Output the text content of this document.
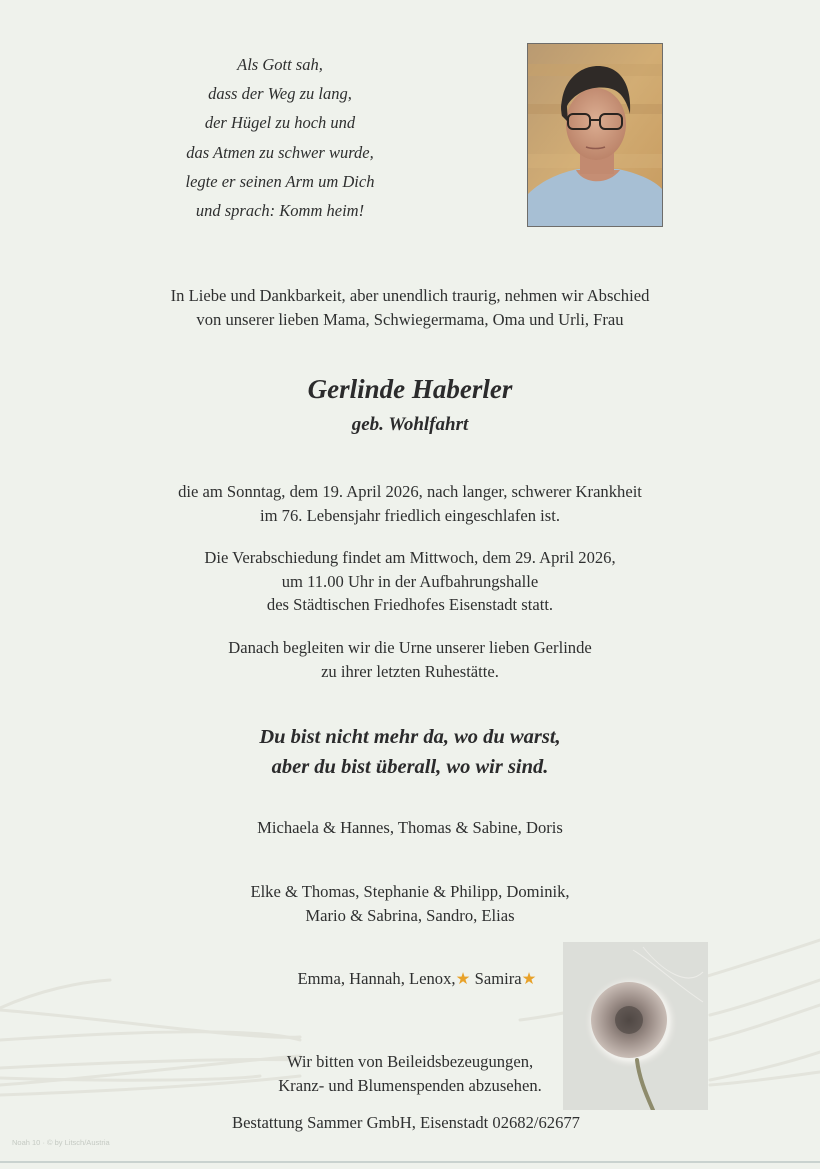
Als Gott sah,
dass der Weg zu lang,
der Hügel zu hoch und
das Atmen zu schwer wurde,
legte er seinen Arm um Dich
und sprach: Komm heim!
In Liebe und Dankbarkeit, aber unendlich traurig, nehmen wir Abschied
von unserer lieben Mama, Schwiegermama, Oma und Urli, Frau
Gerlinde Haberler
geb. Wohlfahrt
die am Sonntag, dem 19. April 2026, nach langer, schwerer Krankheit
im 76. Lebensjahr friedlich eingeschlafen ist.
Die Verabschiedung findet am Mittwoch, dem 29. April 2026,
um 11.00 Uhr in der Aufbahrungshalle
des Städtischen Friedhofes Eisenstadt statt.
Danach begleiten wir die Urne unserer lieben Gerlinde
zu ihrer letzten Ruhestätte.
Du bist nicht mehr da, wo du warst,
aber du bist überall, wo wir sind.
Michaela & Hannes, Thomas & Sabine, Doris
Elke & Thomas, Stephanie & Philipp, Dominik,
Mario & Sabrina, Sandro, Elias
Emma, Hannah, Lenox,★ Samira★
Wir bitten von Beileidsbezeugungen,
Kranz- und Blumenspenden abzusehen.
Bestattung Sammer GmbH, Eisenstadt 02682/62677
Noah 10 · © by Litsch/Austria
